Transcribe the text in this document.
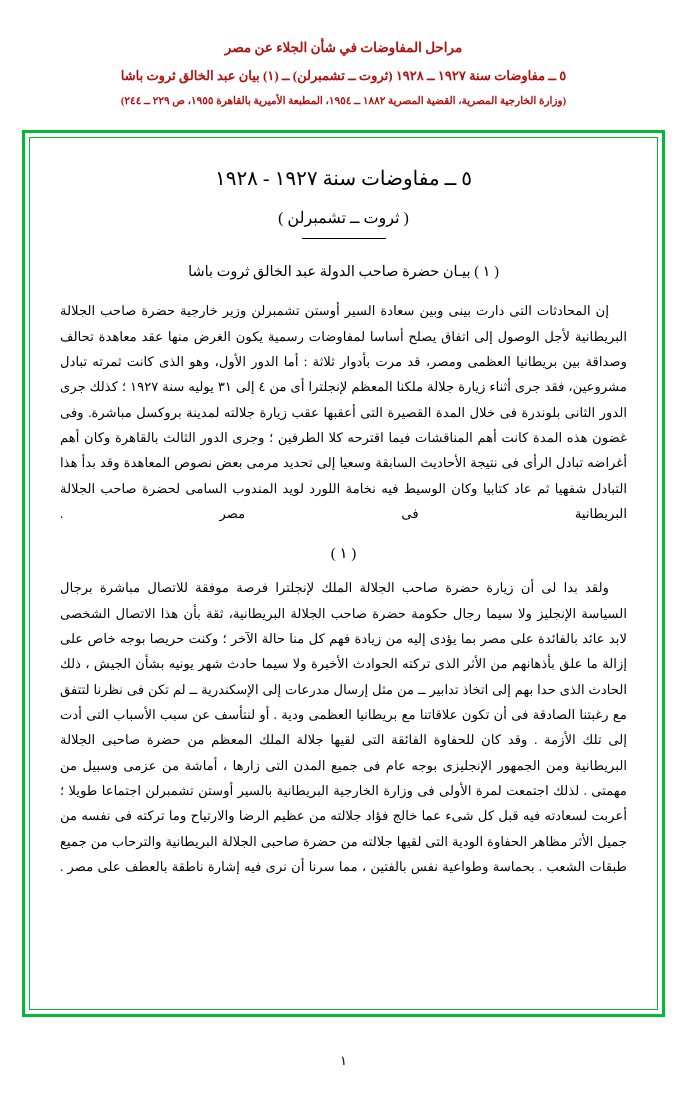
مراحل المفاوضات في شأن الجلاء عن مصر
٥ ــ مفاوضات سنة ١٩٢٧ ــ ١٩٢٨ (ثروت ــ تشمبرلن) ــ (١) بيان عبد الخالق ثروت باشا
(وزارة الخارجية المصرية، القضية المصرية ١٨٨٢ ــ ١٩٥٤، المطبعة الأميرية بالقاهرة ١٩٥٥، ص ٢٢٩ ــ ٢٤٤)
٥ ــ مفاوضات سنة ١٩٢٧ - ١٩٢٨
( ثروت ــ تشمبرلن )
( ١ ) بيـان حضرة صاحب الدولة عبد الخالق ثروت باشا

إن المحادثات التى دارت بينى وبين سعادة السير أوستن تشمبرلن وزير خارجية حضرة صاحب الجلالة البريطانية لأجل الوصول إلى اتفاق يصلح أساسا لمفاوضات رسمية يكون الغرض منها عقد معاهدة تحالف وصداقة بين بريطانيا العظمى ومصر، قد مرت بأدوار ثلاثة : أما الدور الأول، وهو الذى كانت ثمرته تبادل مشروعين، فقد جرى أثناء زيارة جلالة ملكنا المعظم لإنجلترا أى من ٤ إلى ٣١ يوليه سنة ١٩٢٧ ؛ كذلك جرى الدور الثانى بلوندرة فى خلال المدة القصيرة التى أعقبها عقب زيارة جلالته لمدينة بروكسل مباشرة. وفى غضون هذه المدة كانت أهم المناقشات فيما اقترحه كلا الطرفين ؛ وجرى الدور الثالث بالقاهرة وكان أهم أغراضه تبادل الرأى فى نتيجة الأحاديث السابقة وسعيا إلى تحديد مرمى بعض نصوص المعاهدة وقد بدأ هذا التبادل شفهيا ثم عاد كتابيا وكان الوسيط فيه نخامة اللورد لويد المندوب السامى لحضرة صاحب الجلالة البريطانية فى مصر .

( ١ )

ولقد بدا لى أن زيارة حضرة صاحب الجلالة الملك لإنجلترا فرصة موفقة للاتصال مباشرة برجال السياسة الإنجليز ولا سيما رجال حكومة حضرة صاحب الجلالة البريطانية، ثقة بأن هذا الاتصال الشخصى لابد عائد بالفائدة على مصر بما يؤدى إليه من زيادة فهم كل منا حالة الآخر ؛ وكنت حريصا بوجه خاص على إزالة ما علق بأذهانهم من الأثر الذى تركته الحوادث الأخيرة ولا سيما حادث شهر يونيه بشأن الجيش ، ذلك الحادث الذى حدا بهم إلى اتخاذ تدابير ــ من مثل إرسال مدرعات إلى الإسكندرية ــ لم تكن فى نظرنا لتتفق مع رغبتنا الصادقة فى أن تكون علاقاتنا مع بريطانيا العظمى ودية . أو لنتأسف عن سبب الأسباب التى أدت إلى تلك الأزمة . وقد كان للحفاوة الفائقة التى لقيها جلالة الملك المعظم من حضرة صاحبى الجلالة البريطانية ومن الجمهور الإنجليزى بوجه عام فى جميع المدن التى زارها ، أماشة من عزمى وسبيل من مهمتى . لذلك اجتمعت لمرة الأولى فى وزارة الخارجية البريطانية بالسير أوستن تشمبرلن اجتماعا طويلا ؛ أعربت لسعادته فيه قبل كل شىء عما خالج فؤاد جلالته من عظيم الرضا والارتياح وما تركته فى نفسه من جميل الأثر مظاهر الحفاوة الودية التى لقيها جلالته من حضرة صاحبى الجلالة البريطانية والترحاب من جميع طبقات الشعب . بحماسة وطواعية نفس بالفتين ، مما سرنا أن نرى فيه إشارة ناطقة بالعطف على مصر .

١
